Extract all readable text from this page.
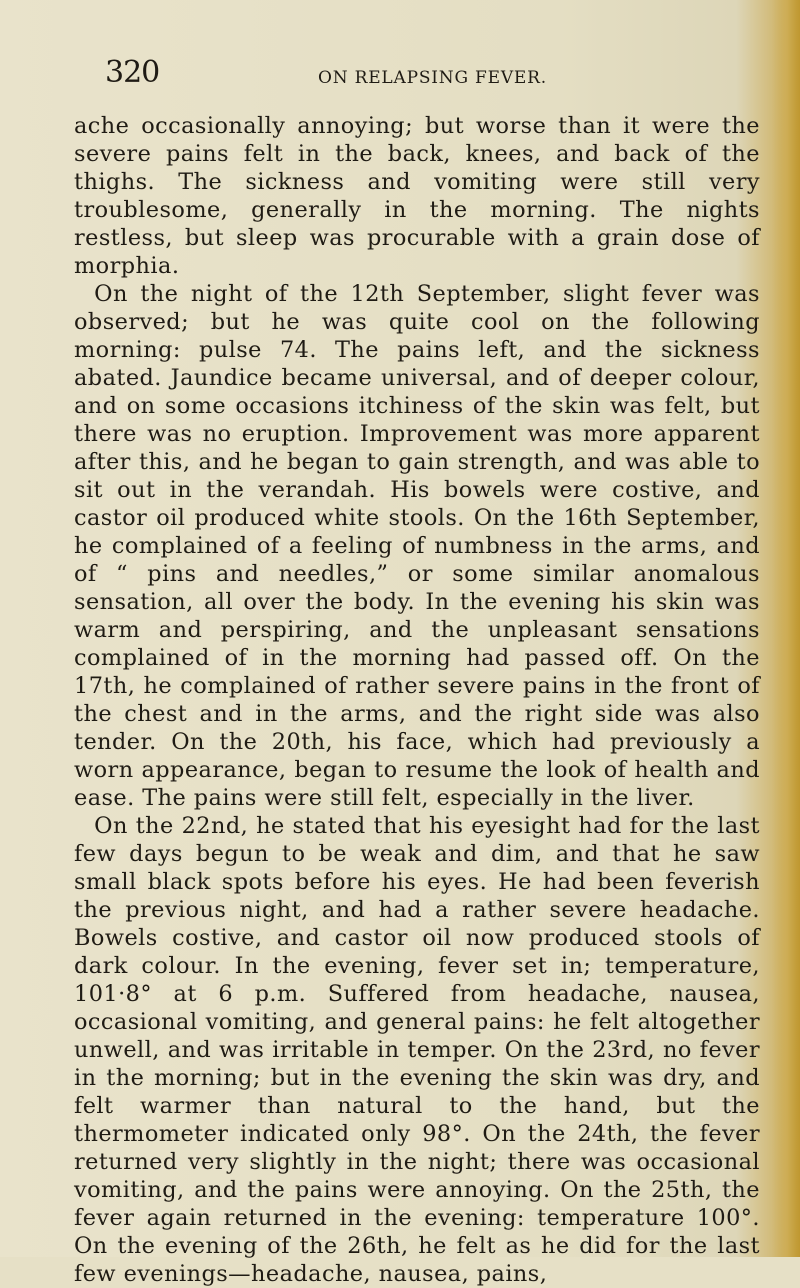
320	ON RELAPSING FEVER.

ache occasionally annoying; but worse than it were the severe pains felt in the back, knees, and back of the thighs. The sickness and vomiting were still very troublesome, generally in the morning. The nights restless, but sleep was procurable with a grain dose of morphia.

On the night of the 12th September, slight fever was observed; but he was quite cool on the following morning: pulse 74. The pains left, and the sickness abated. Jaundice became universal, and of deeper colour, and on some occasions itchiness of the skin was felt, but there was no eruption. Improvement was more apparent after this, and he began to gain strength, and was able to sit out in the verandah. His bowels were costive, and castor oil produced white stools. On the 16th September, he complained of a feeling of numbness in the arms, and of “ pins and needles,” or some similar anomalous sensation, all over the body. In the evening his skin was warm and perspiring, and the unpleasant sensations complained of in the morning had passed off. On the 17th, he complained of rather severe pains in the front of the chest and in the arms, and the right side was also tender. On the 20th, his face, which had previously a worn appearance, began to resume the look of health and ease. The pains were still felt, especially in the liver.

On the 22nd, he stated that his eyesight had for the last few days begun to be weak and dim, and that he saw small black spots before his eyes. He had been feverish the previous night, and had a rather severe headache. Bowels costive, and castor oil now produced stools of dark colour. In the evening, fever set in; temperature, 101·8° at 6 p.m. Suffered from headache, nausea, occasional vomiting, and general pains: he felt altogether unwell, and was irritable in temper. On the 23rd, no fever in the morning; but in the evening the skin was dry, and felt warmer than natural to the hand, but the thermometer indicated only 98°. On the 24th, the fever returned very slightly in the night; there was occasional vomiting, and the pains were annoying. On the 25th, the fever again returned in the evening: temperature 100°. On the evening of the 26th, he felt as he did for the last few evenings—headache, nausea, pains,
